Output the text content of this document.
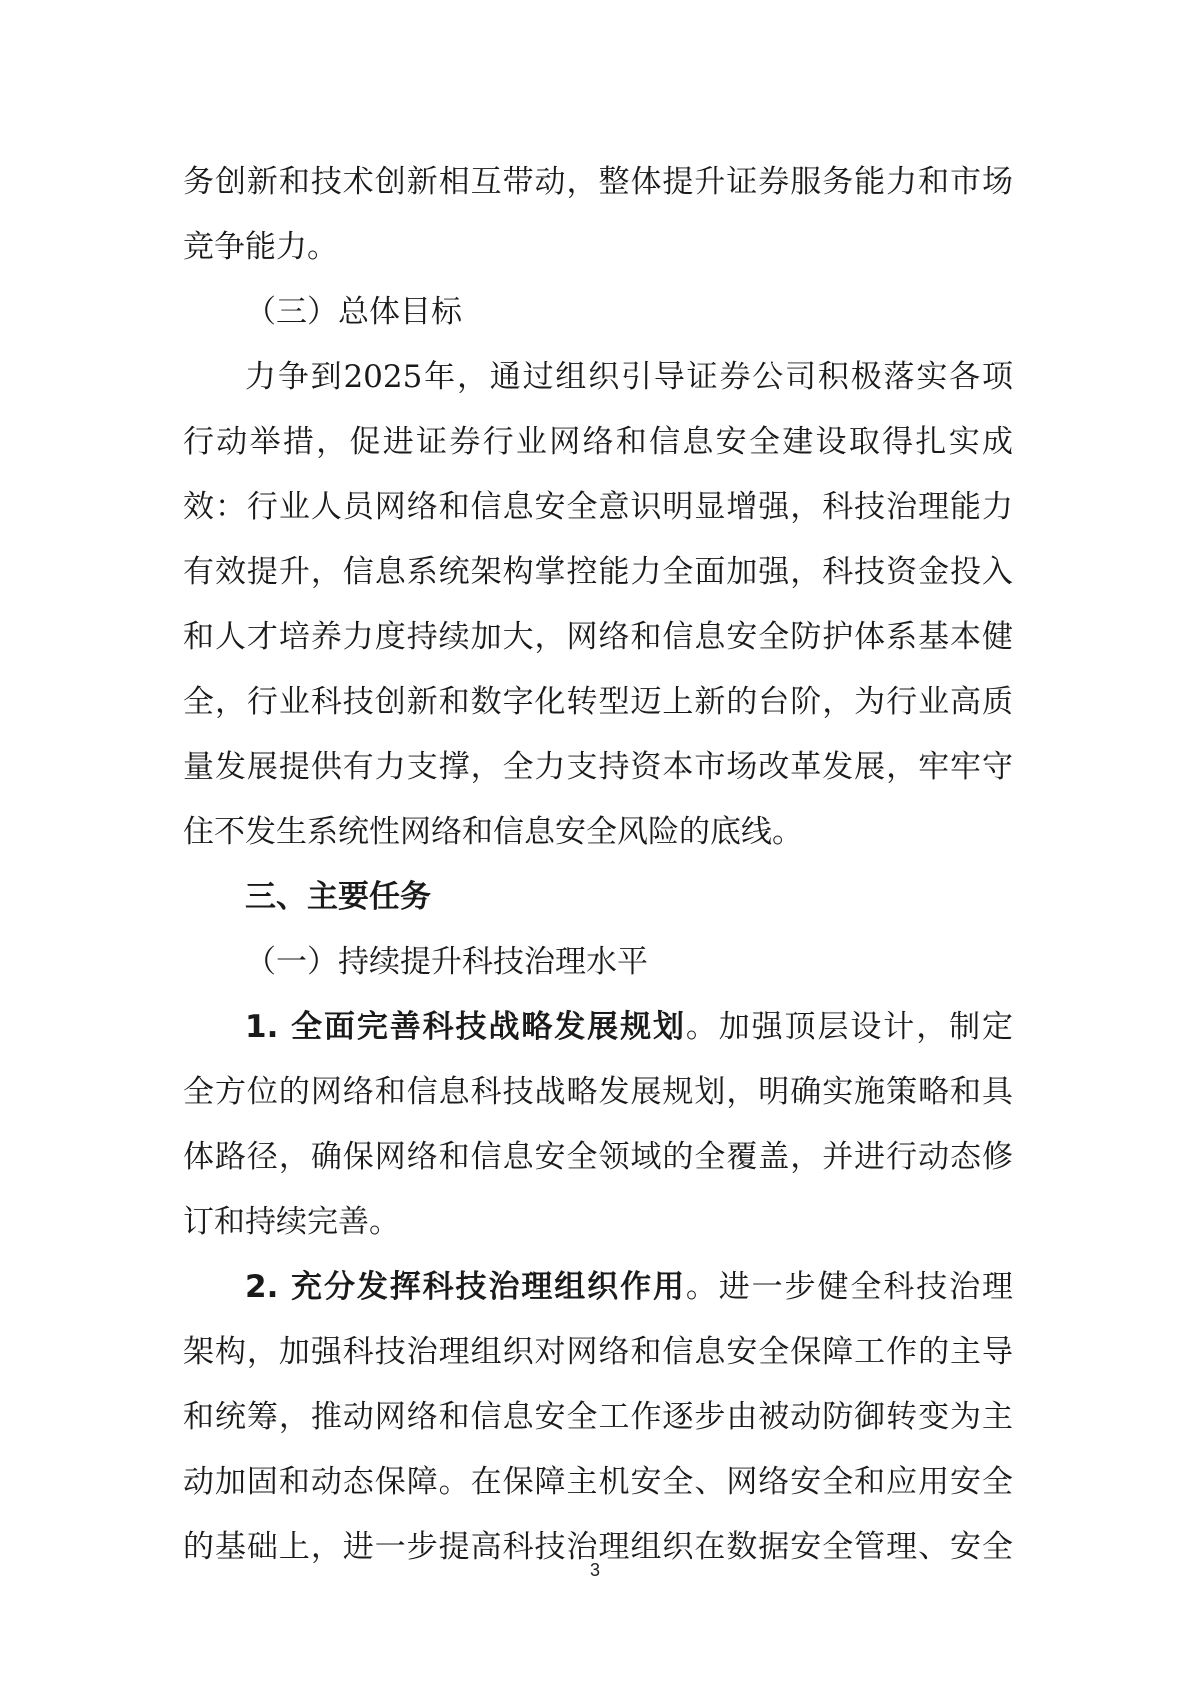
务创新和技术创新相互带动，整体提升证券服务能力和市场
竞争能力。
（三）总体目标
力争到2025年，通过组织引导证券公司积极落实各项
行动举措，促进证券行业网络和信息安全建设取得扎实成
效：行业人员网络和信息安全意识明显增强，科技治理能力
有效提升，信息系统架构掌控能力全面加强，科技资金投入
和人才培养力度持续加大，网络和信息安全防护体系基本健
全，行业科技创新和数字化转型迈上新的台阶，为行业高质
量发展提供有力支撑，全力支持资本市场改革发展，牢牢守
住不发生系统性网络和信息安全风险的底线。
三、主要任务
（一）持续提升科技治理水平
1. 全面完善科技战略发展规划。加强顶层设计，制定
全方位的网络和信息科技战略发展规划，明确实施策略和具
体路径，确保网络和信息安全领域的全覆盖，并进行动态修
订和持续完善。
2. 充分发挥科技治理组织作用。进一步健全科技治理
架构，加强科技治理组织对网络和信息安全保障工作的主导
和统筹，推动网络和信息安全工作逐步由被动防御转变为主
动加固和动态保障。在保障主机安全、网络安全和应用安全
的基础上，进一步提高科技治理组织在数据安全管理、安全
3
